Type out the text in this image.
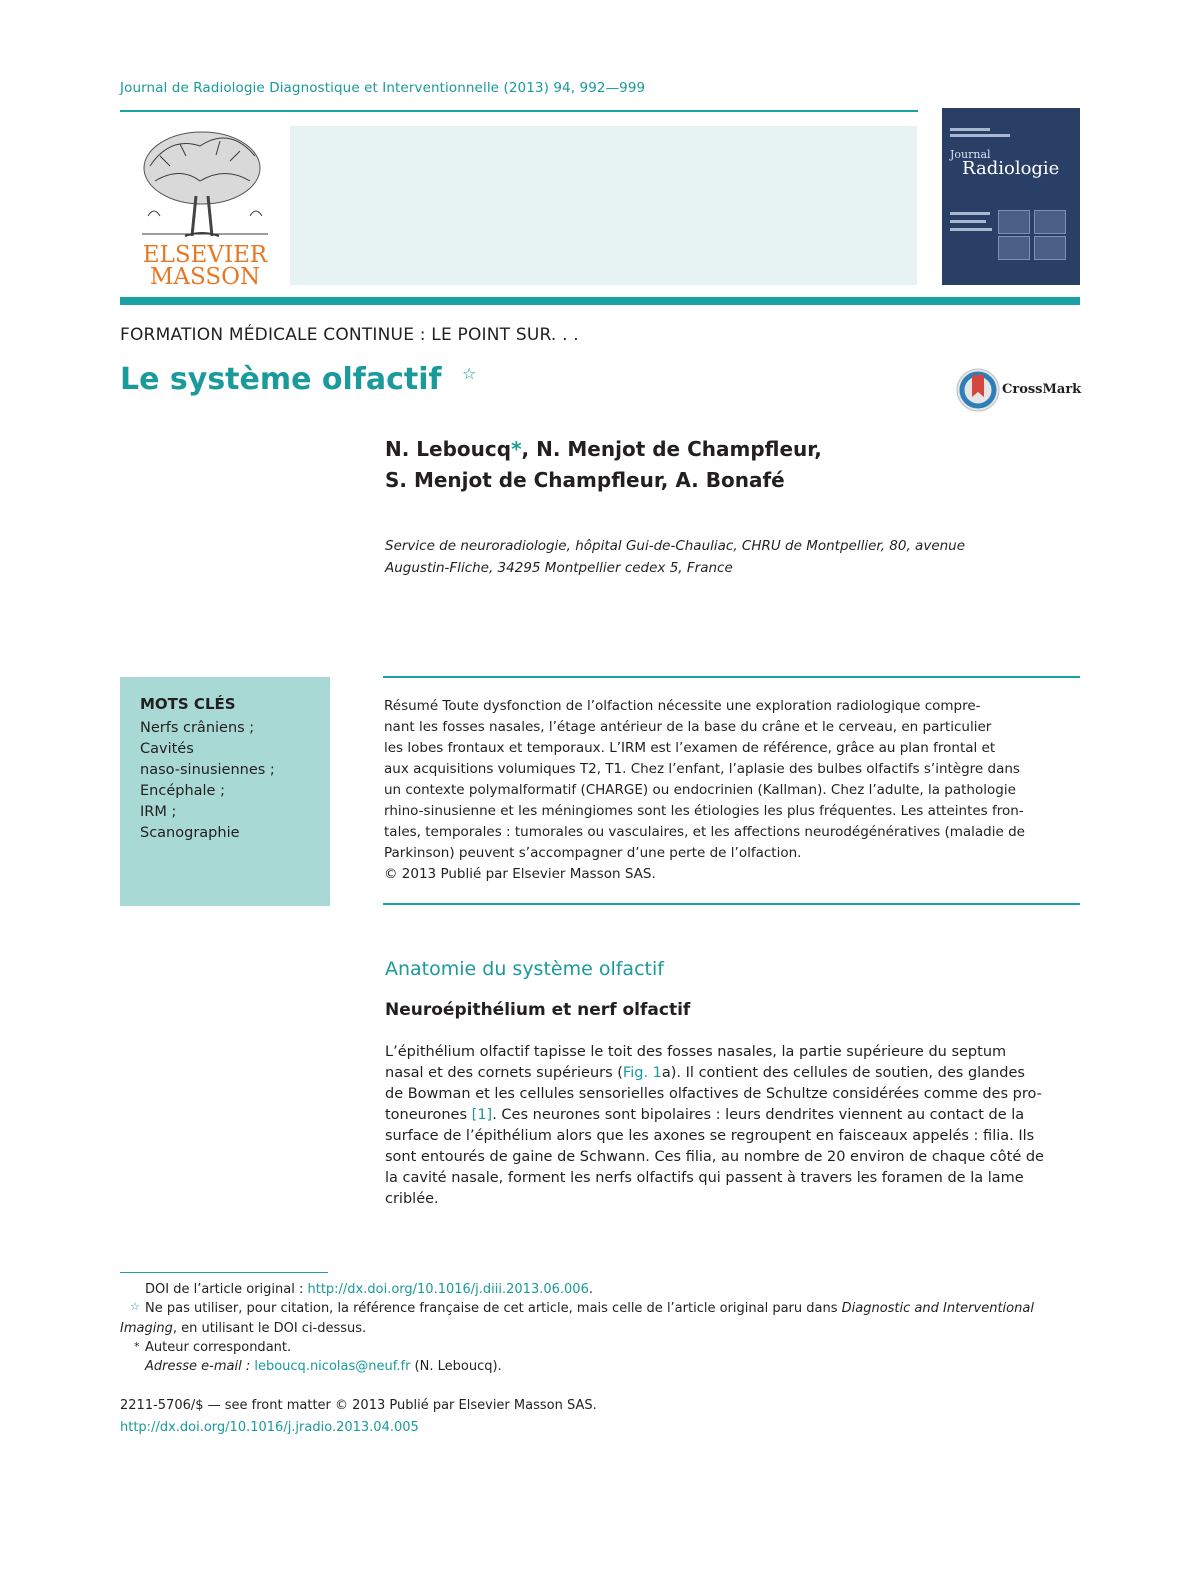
Journal de Radiologie Diagnostique et Interventionnelle (2013) 94, 992—999
ELSEVIER
MASSON
Journal
Radiologie
FORMATION MÉDICALE CONTINUE : LE POINT SUR. . .
Le système olfactif ☆
CrossMark
N. Leboucq*, N. Menjot de Champfleur,
S. Menjot de Champfleur, A. Bonafé
Service de neuroradiologie, hôpital Gui-de-Chauliac, CHRU de Montpellier, 80, avenue
Augustin-Fliche, 34295 Montpellier cedex 5, France
MOTS CLÉS
Nerfs crâniens ;
Cavités
naso-sinusiennes ;
Encéphale ;
IRM ;
Scanographie
Résumé Toute dysfonction de l’olfaction nécessite une exploration radiologique compre-
nant les fosses nasales, l’étage antérieur de la base du crâne et le cerveau, en particulier
les lobes frontaux et temporaux. L’IRM est l’examen de référence, grâce au plan frontal et
aux acquisitions volumiques T2, T1. Chez l’enfant, l’aplasie des bulbes olfactifs s’intègre dans
un contexte polymalformatif (CHARGE) ou endocrinien (Kallman). Chez l’adulte, la pathologie
rhino-sinusienne et les méningiomes sont les étiologies les plus fréquentes. Les atteintes fron-
tales, temporales : tumorales ou vasculaires, et les affections neurodégénératives (maladie de
Parkinson) peuvent s’accompagner d’une perte de l’olfaction.
© 2013 Publié par Elsevier Masson SAS.
Anatomie du système olfactif
Neuroépithélium et nerf olfactif
L’épithélium olfactif tapisse le toit des fosses nasales, la partie supérieure du septum
nasal et des cornets supérieurs (Fig. 1a). Il contient des cellules de soutien, des glandes
de Bowman et les cellules sensorielles olfactives de Schultze considérées comme des pro-
toneurones [1]. Ces neurones sont bipolaires : leurs dendrites viennent au contact de la
surface de l’épithélium alors que les axones se regroupent en faisceaux appelés : filia. Ils
sont entourés de gaine de Schwann. Ces filia, au nombre de 20 environ de chaque côté de
la cavité nasale, forment les nerfs olfactifs qui passent à travers les foramen de la lame
criblée.
DOI de l’article original : http://dx.doi.org/10.1016/j.diii.2013.06.006.
☆ Ne pas utiliser, pour citation, la référence française de cet article, mais celle de l’article original paru dans Diagnostic and Interventional
Imaging, en utilisant le DOI ci-dessus.
* Auteur correspondant.
Adresse e-mail : leboucq.nicolas@neuf.fr (N. Leboucq).
2211-5706/$ — see front matter © 2013 Publié par Elsevier Masson SAS.
http://dx.doi.org/10.1016/j.jradio.2013.04.005
